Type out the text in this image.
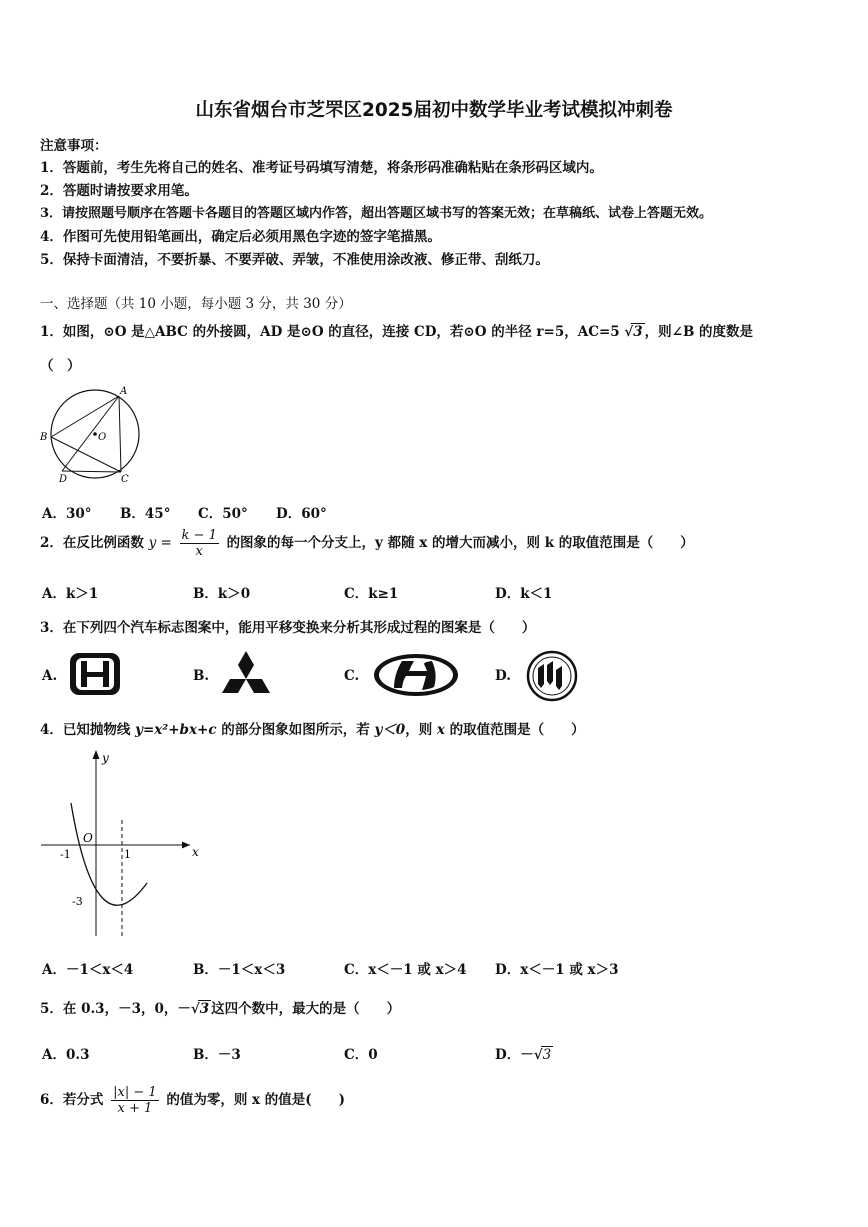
山东省烟台市芝罘区2025届初中数学毕业考试模拟冲刺卷
注意事项：
1．答题前，考生先将自己的姓名、准考证号码填写清楚，将条形码准确粘贴在条形码区域内。
2．答题时请按要求用笔。
3．请按照题号顺序在答题卡各题目的答题区域内作答，超出答题区域书写的答案无效；在草稿纸、试卷上答题无效。
4．作图可先使用铅笔画出，确定后必须用黑色字迹的签字笔描黑。
5．保持卡面清洁，不要折暴、不要弄破、弄皱，不准使用涂改液、修正带、刮纸刀。
一、选择题（共 10 小题，每小题 3 分，共 30 分）
1．如图，⊙O 是△ABC 的外接圆，AD 是⊙O 的直径，连接 CD，若⊙O 的半径 r=5，AC=5 √3 ，则∠B 的度数是
（　）
A
B	O
D	C
A．30° B．45° C．50° D．60°
2．在反比例函数 $y = \frac{k - 1}{x}$ 的图象的每一个分支上，y 都随 x 的增大而减小，则 k 的取值范围是（　　）
A．k＞1	B．k＞0	C．k≥1	D．k＜1
3．在下列四个汽车标志图案中，能用平移变换来分析其形成过程的图案是（　　）
A.	B.	C.	D.
4．已知抛物线 y=x²+bx+c 的部分图象如图所示，若 y＜0，则 x 的取值范围是（　　）
y
x
O
-1	1
-3
A．－1＜x＜4	B．－1＜x＜3	C．x＜－1 或 x＞4 D．x＜－1 或 x＞3
5．在 0.3，－3，0，－√3 这四个数中，最大的是（　　）
A．0.3	B．－3	C．0	D．－√3
6．若分式 $\frac{|x| - 1}{x + 1}$ 的值为零，则 x 的值是(　　)
